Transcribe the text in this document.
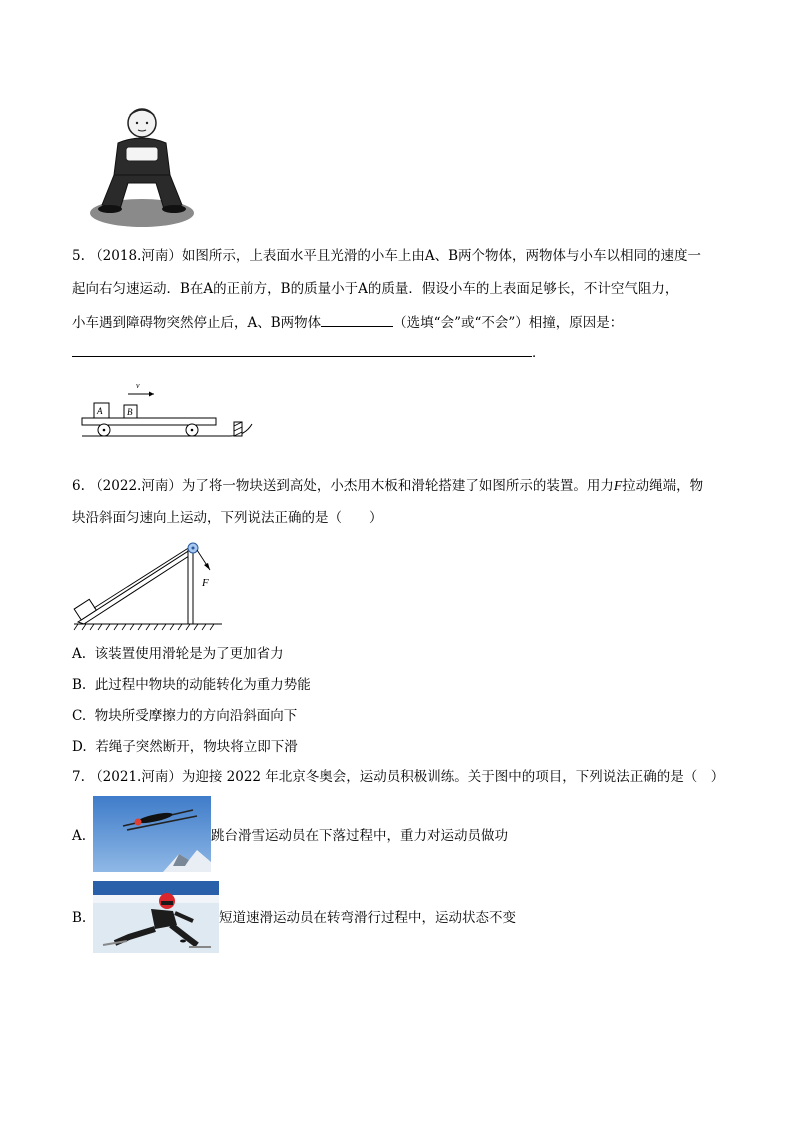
5. （2018.河南）如图所示，上表面水平且光滑的小车上由A、B两个物体，两物体与小车以相同的速度一
起向右匀速运动．B在A的正前方，B的质量小于A的质量．假设小车的上表面足够长，不计空气阻力，
小车遇到障碍物突然停止后，A、B两物体	（选填“会”或“不会”）相撞，原因是：
．
v
A	B
6. （2022.河南）为了将一物块送到高处，小杰用木板和滑轮搭建了如图所示的装置。用力F拉动绳端，物
块沿斜面匀速向上运动，下列说法正确的是（　　）
F
A. 该装置使用滑轮是为了更加省力
B. 此过程中物块的动能转化为重力势能
C. 物块所受摩擦力的方向沿斜面向下
D. 若绳子突然断开，物块将立即下滑
7. （2021.河南）为迎接 2022 年北京冬奥会，运动员积极训练。关于图中的项目，下列说法正确的是（　）
A.	跳台滑雪运动员在下落过程中，重力对运动员做功
B.	短道速滑运动员在转弯滑行过程中，运动状态不变
